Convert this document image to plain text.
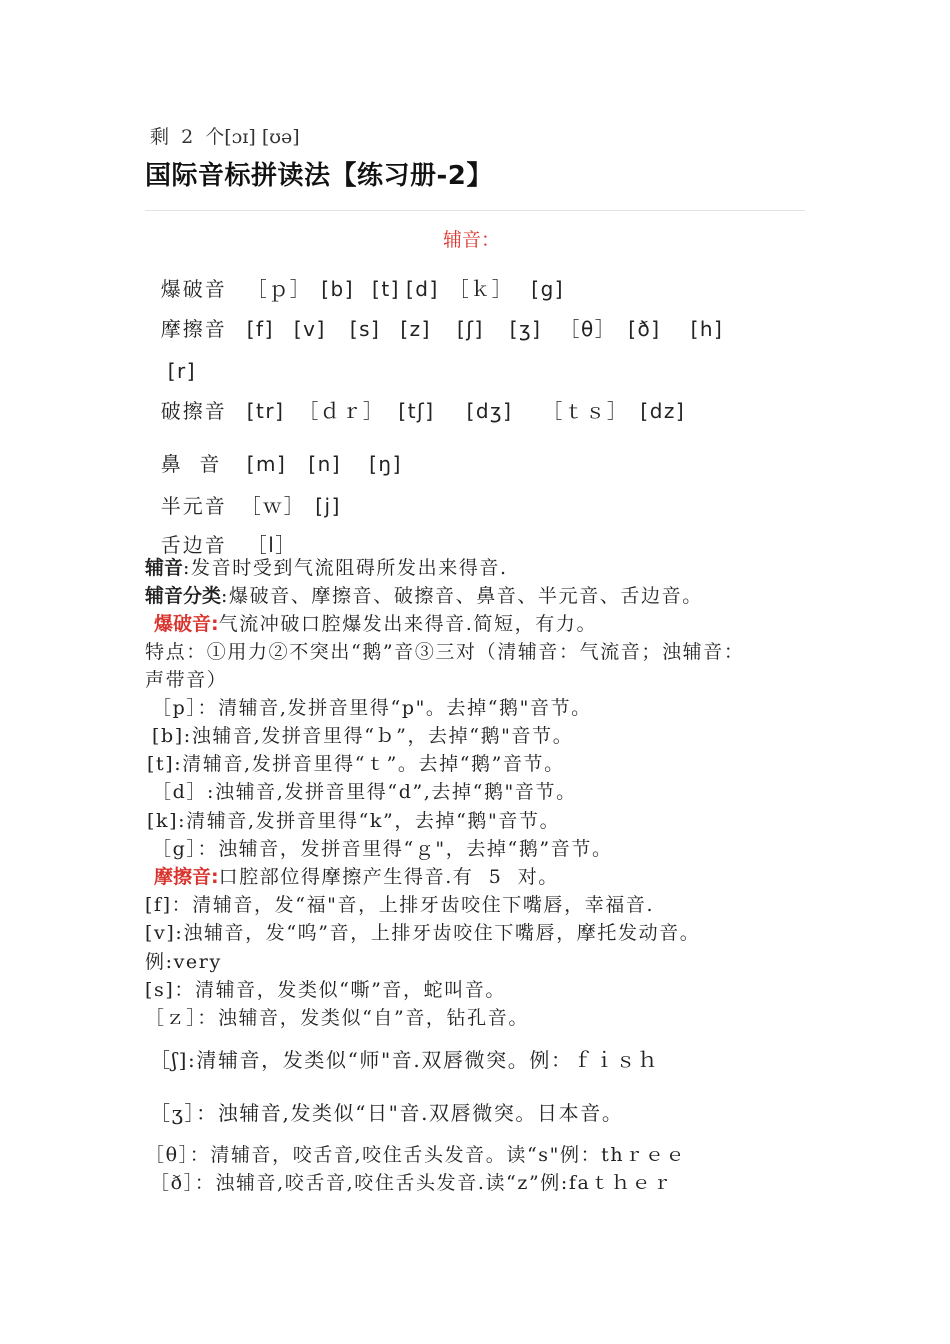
剩  2  个[ɔɪ] [ʊə]
国际音标拼读法【练习册-2】
辅音：

爆破音 ［ｐ］ [b] [t] [d] ［ｋ］ [g]

摩擦音 [f] [v] [s] [z] [ʃ] [ʒ] ［θ］ [ð] [h]

[r]

破擦音 [tr] ［ｄｒ］ [tʃ] [dʒ] ［ｔｓ］ [dz]

鼻  音 [m] [n] [ŋ]

半元音 ［ｗ］ [j]

舌边音 ［l］

辅音:发音时受到气流阻碍所发出来得音.
辅音分类:爆破音、摩擦音、破擦音、鼻音、半元音、舌边音。
爆破音:气流冲破口腔爆发出来得音.简短，有力。
特点：①用力②不突出“鹅”音③三对（清辅音：气流音；浊辅音：
声带音）
［p］：清辅音,发拼音里得“p"。去掉“鹅"音节。
[b]:浊辅音,发拼音里得“ｂ”，去掉“鹅"音节。
[t]:清辅音,发拼音里得“ｔ”。去掉“鹅”音节。
［d］:浊辅音,发拼音里得“d”,去掉“鹅"音节。
[k]:清辅音,发拼音里得“k”，去掉“鹅"音节。
［g］：浊辅音，发拼音里得“ｇ"，去掉“鹅”音节。
摩擦音:口腔部位得摩擦产生得音.有  5  对。
[f]：清辅音，发“福"音，上排牙齿咬住下嘴唇，幸福音.
[v]:浊辅音，发“呜”音，上排牙齿咬住下嘴唇，摩托发动音。
例:very
[s]：清辅音，发类似“嘶”音，蛇叫音。
［ｚ］：浊辅音，发类似“自”音，钻孔音。
［ʃ]:清辅音，发类似“师"音.双唇微突。例：ｆｉｓｈ
［ʒ］：浊辅音,发类似“日"音.双唇微突。日本音。
［θ］：清辅音，咬舌音,咬住舌头发音。读“s"例：thｒｅｅ
［ð］：浊辅音,咬舌音,咬住舌头发音.读“z”例:faｔｈｅｒ
